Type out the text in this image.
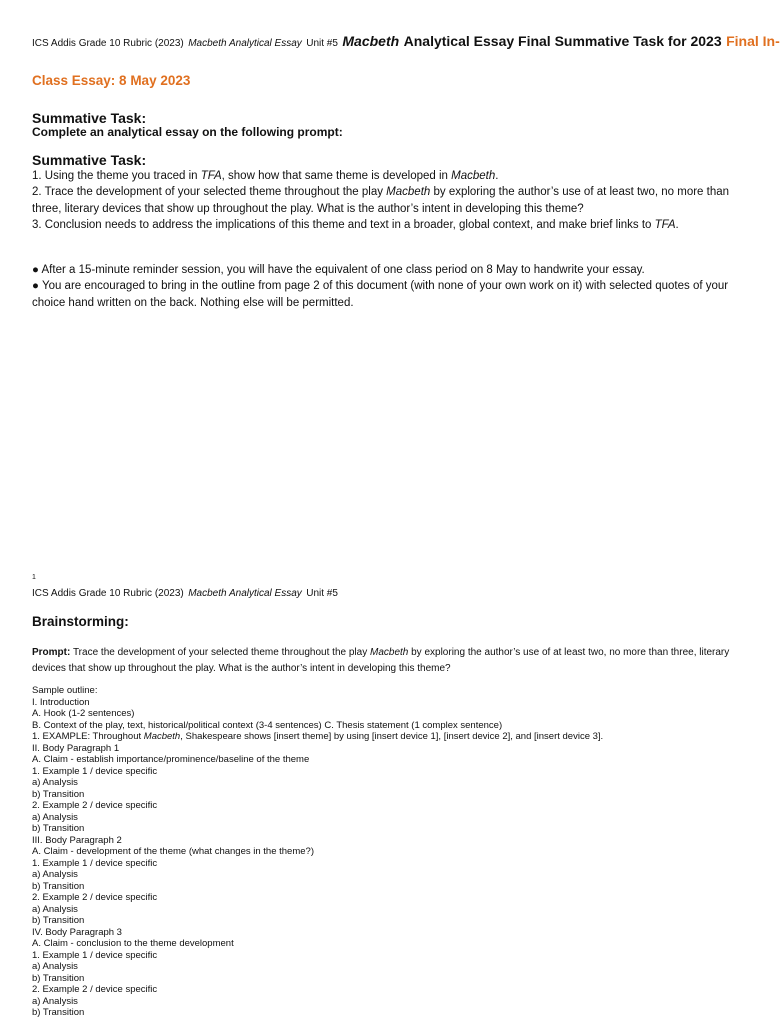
ICS Addis Grade 10 Rubric (2023) Macbeth Analytical Essay Unit #5 Macbeth Analytical Essay Final Summative Task for 2023 Final In-
Class Essay: 8 May 2023
Summative Task:
Complete an analytical essay on the following prompt:
Summative Task:
1. Using the theme you traced in TFA, show how that same theme is developed in Macbeth.
2. Trace the development of your selected theme throughout the play Macbeth by exploring the author’s use of at least two, no more than three, literary devices that show up throughout the play. What is the author’s intent in developing this theme?
3. Conclusion needs to address the implications of this theme and text in a broader, global context, and make brief links to TFA.
● After a 15-minute reminder session, you will have the equivalent of one class period on 8 May to handwrite your essay.
● You are encouraged to bring in the outline from page 2 of this document (with none of your own work on it) with selected quotes of your choice hand written on the back. Nothing else will be permitted.
1
ICS Addis Grade 10 Rubric (2023) Macbeth Analytical Essay Unit #5
Brainstorming:
Prompt: Trace the development of your selected theme throughout the play Macbeth by exploring the author’s use of at least two, no more than three, literary devices that show up throughout the play. What is the author’s intent in developing this theme?
Sample outline:
I. Introduction
A. Hook (1-2 sentences)
B. Context of the play, text, historical/political context (3-4 sentences) C. Thesis statement (1 complex sentence)
1. EXAMPLE: Throughout Macbeth, Shakespeare shows [insert theme] by using [insert device 1], [insert device 2], and [insert device 3].
II. Body Paragraph 1
A. Claim - establish importance/prominence/baseline of the theme
1. Example 1 / device specific
a) Analysis
b) Transition
2. Example 2 / device specific
a) Analysis
b) Transition
III. Body Paragraph 2
A. Claim - development of the theme (what changes in the theme?)
1. Example 1 / device specific
a) Analysis
b) Transition
2. Example 2 / device specific
a) Analysis
b) Transition
IV. Body Paragraph 3
A. Claim - conclusion to the theme development
1. Example 1 / device specific
a) Analysis
b) Transition
2. Example 2 / device specific
a) Analysis
b) Transition
